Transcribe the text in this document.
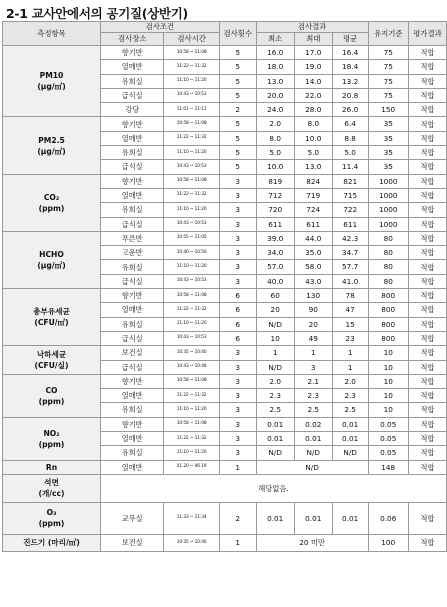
2-1 교사안에서의 공기질(상반기)
측정항목	검사조건		검사횟수	검사결과			유지기준	평가결과
	검사장소	검사시간		최소	최대	평균		

PM10
(μg/㎥)	향기반	10:58 ~ 11:08	5	16.0	17.0	16.4	75	적합
	열매반	11:22 ~ 11:32	5	18.0	19.0	18.4	75	적합
	유희실	11:10 ~ 11:20	5	13.0	14.0	13.2	75	적합
	급식실	10:43 ~ 10:53	5	20.0	22.0	20.8	75	적합
	강당	11:01 ~ 11:11	2	24.0	28.0	26.0	150	적합

PM2.5
(μg/㎥)	향기반	10:58 ~ 11:08	5	2.0	8.0	6.4	35	적합
	열매반	11:22 ~ 11:32	5	8.0	10.0	8.8	35	적합
	유희실	11:10 ~ 11:20	5	5.0	5.0	5.0	35	적합
	급식실	10:43 ~ 10:53	5	10.0	13.0	11.4	35	적합

CO₂
(ppm)	향기반	10:58 ~ 11:08	3	819	824	821	1000	적합
	열매반	11:22 ~ 11:32	3	712	719	715	1000	적합
	유희실	11:10 ~ 11:20	3	720	724	722	1000	적합
	급식실	10:43 ~ 10:53	3	611	611	611	1000	적합

HCHO
(μg/㎥)	푸른반	10:55 ~ 11:05	3	39.0	44.0	42.3	80	적합
	고운반	10:40 ~ 10:50	3	34.0	35.0	34.7	80	적합
	유희실	11:10 ~ 11:20	3	57.0	58.0	57.7	80	적합
	급식실	10:43 ~ 10:53	3	40.0	43.0	41.0	80	적합

총부유세균
(CFU/㎥)	향기반	10:58 ~ 11:08	6	60	130	78	800	적합
	열매반	11:22 ~ 11:32	6	20	90	47	800	적합
	유희실	11:10 ~ 11:20	6	N/D	20	15	800	적합
	급식실	10:43 ~ 10:53	6	10	49	23	800	적합

낙하세균
(CFU/실)	보건실	10:35 ~ 10:40	3	1	1	1	10	적합
	급식실	10:43 ~ 10:48	3	N/D	3	1	10	적합

CO
(ppm)	향기반	10:58 ~ 11:08	3	2.0	2.1	2.0	10	적합
	열매반	11:22 ~ 11:32	3	2.3	2.3	2.3	10	적합
	유희실	11:10 ~ 11:20	3	2.5	2.5	2.5	10	적합

NO₂
(ppm)	향기반	10:58 ~ 11:08	3	0.01	0.02	0.01	0.05	적합
	열매반	11:22 ~ 11:32	3	0.01	0.01	0.01	0.05	적합
	유희실	11:10 ~ 11:20	3	N/D	N/D	N/D	0.05	적합

Rn	열매반	01.20 ~ 06.19	1	N/D			148	적합

석면
(개/cc)	해당없음.							

O₃
(ppm)	교무실	11:33 ~ 11:34	2	0.01	0.01	0.01	0.06	적합

진드기 (마리/㎡)	보건실	10:35 ~ 10:40	1	20 미만			100	적합
